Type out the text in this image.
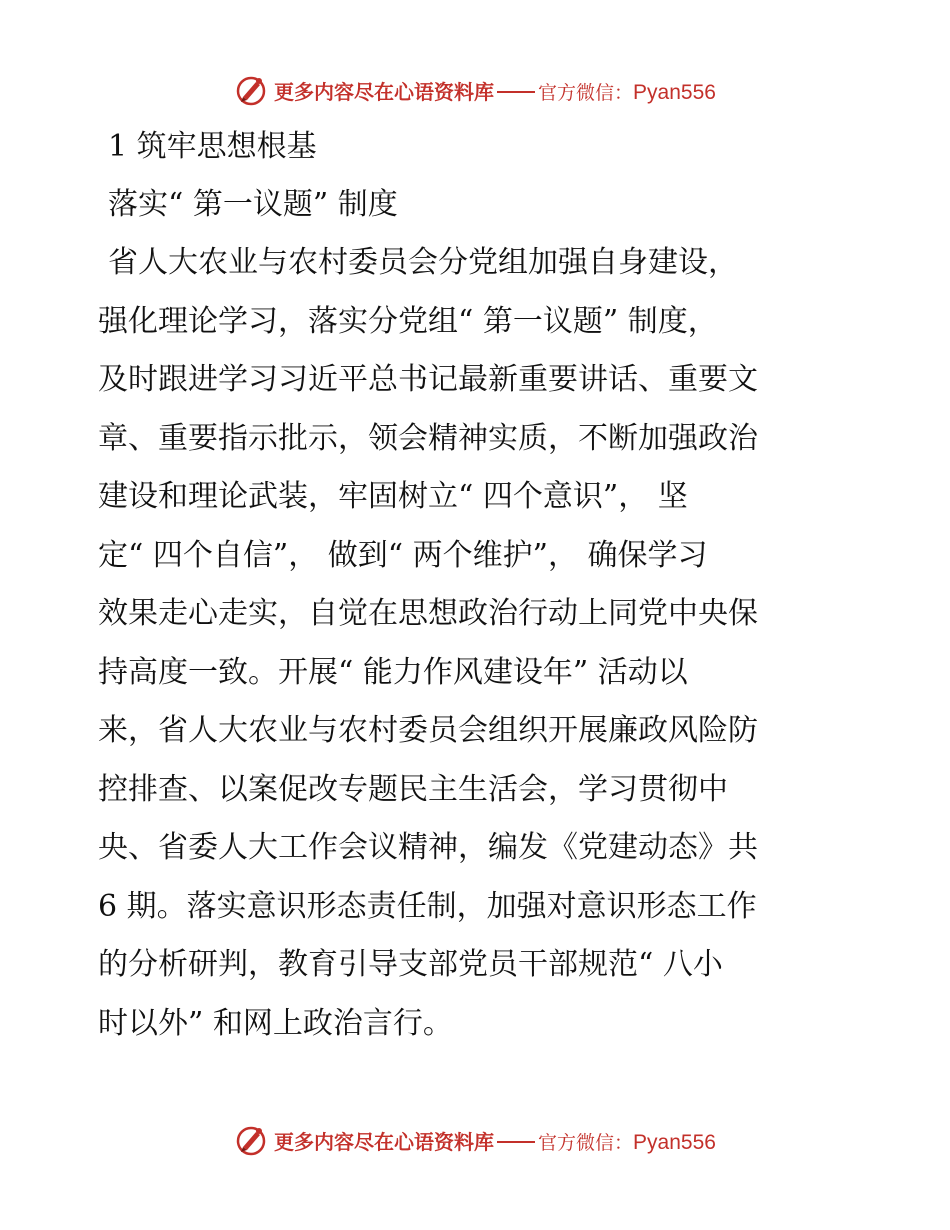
更多内容尽在心语资料库 官方微信： Pyan556
1 筑牢思想根基
落实“ 第一议题” 制度
省人大农业与农村委员会分党组加强自身建设，
强化理论学习，落实分党组“ 第一议题” 制度，
及时跟进学习习近平总书记最新重要讲话、重要文
章、重要指示批示，领会精神实质，不断加强政治
建设和理论武装，牢固树立“ 四个意识”， 坚
定“ 四个自信”， 做到“ 两个维护”， 确保学习
效果走心走实，自觉在思想政治行动上同党中央保
持高度一致。开展“ 能力作风建设年” 活动以
来，省人大农业与农村委员会组织开展廉政风险防
控排查、以案促改专题民主生活会，学习贯彻中
央、省委人大工作会议精神，编发《党建动态》共
6 期。落实意识形态责任制，加强对意识形态工作
的分析研判，教育引导支部党员干部规范“ 八小
时以外” 和网上政治言行。
更多内容尽在心语资料库 官方微信： Pyan556
